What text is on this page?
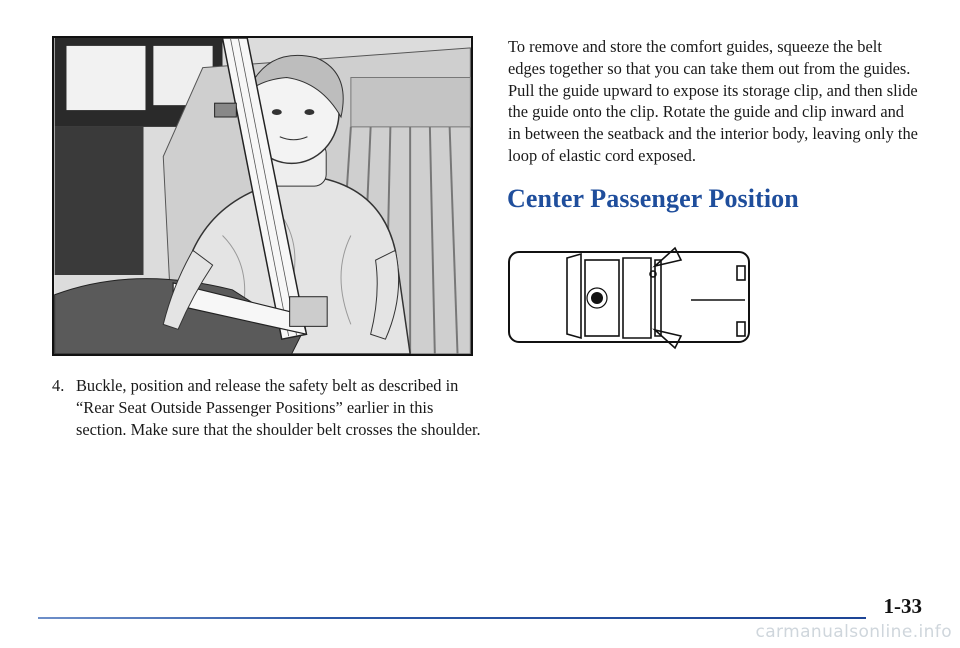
To remove and store the comfort guides, squeeze the belt edges together so that you can take them out from the guides. Pull the guide upward to expose its storage clip, and then slide the guide onto the clip. Rotate the guide and clip inward and in between the seatback and the interior body, leaving only the loop of elastic cord exposed.

Center Passenger Position
4. Buckle, position and release the safety belt as described in “Rear Seat Outside Passenger Positions” earlier in this section. Make sure that the shoulder belt crosses the shoulder.
1-33
carmanualsonline.info
